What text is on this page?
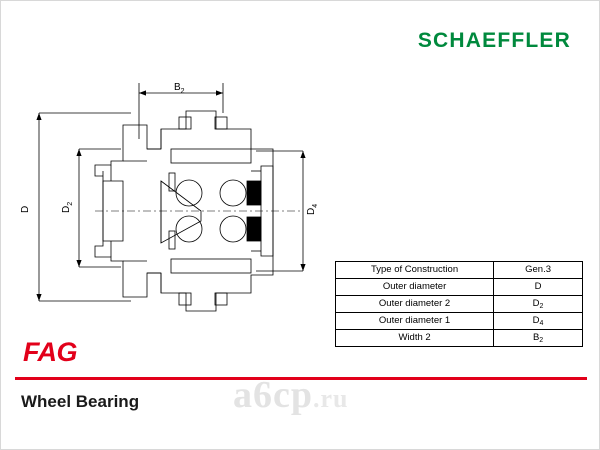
SCHAEFFLER
$B_2$
D	$D_2$
$D_4$
Type of Construction	Gen.3
Outer diameter	D
Outer diameter 2	$D_2$
Outer diameter 1	$D_4$
Width 2	$B_2$
FAG
a6cp.ru
Wheel Bearing
